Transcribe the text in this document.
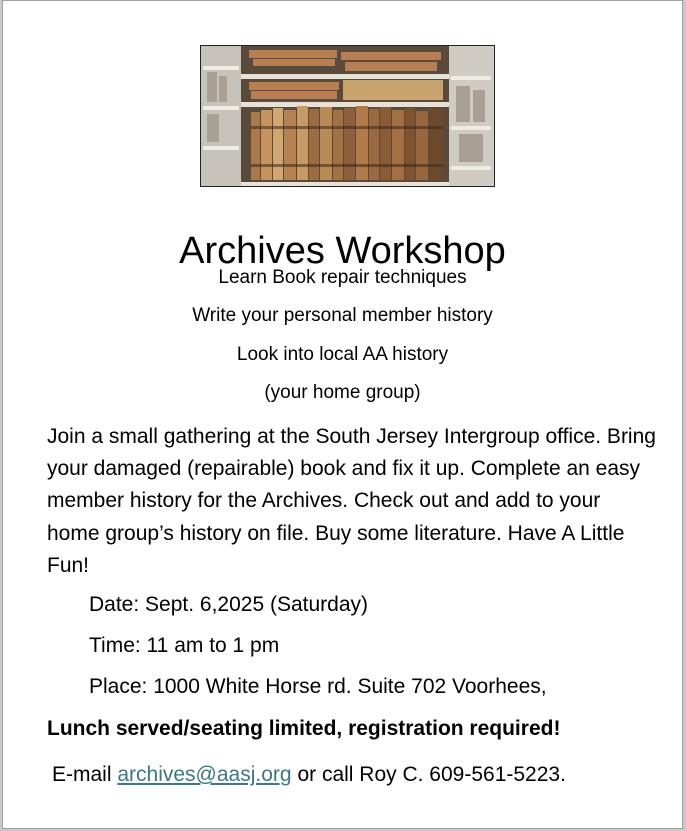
Archives Workshop
Learn Book repair techniques
Write your personal member history
Look into local AA history
(your home group)

Join a small gathering at the South Jersey Intergroup office. Bring your damaged (repairable) book and fix it up. Complete an easy member history for the Archives. Check out and add to your home group’s history on file. Buy some literature. Have A Little Fun!

Date: Sept. 6,2025 (Saturday)
Time: 11 am to 1 pm
Place: 1000 White Horse rd. Suite 702 Voorhees,
Lunch served/seating limited, registration required!
E-mail archives@aasj.org or call Roy C. 609-561-5223.
